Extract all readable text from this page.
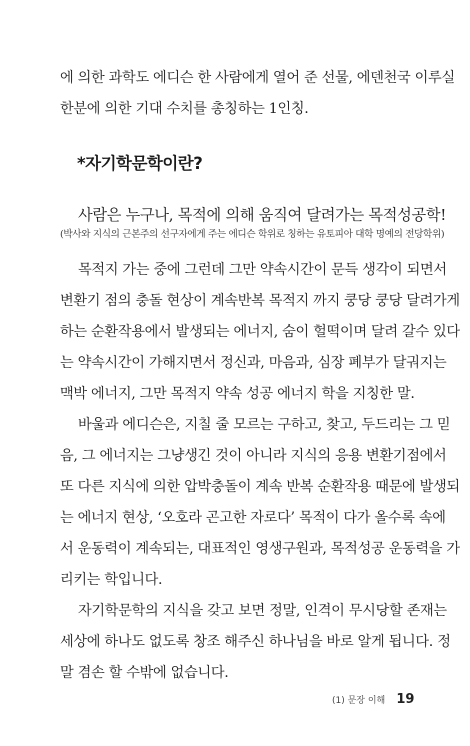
에 의한 과학도 에디슨 한 사람에게 열어 준 선물, 에덴천국 이루실
한분에 의한 기대 수치를 총칭하는 1인칭.
*자기학문학이란?
사람은 누구나, 목적에 의해 움직여 달려가는 목적성공학!
(박사와 지식의 근본주의 선구자에게 주는 에디슨 학위로 칭하는 유토피아 대학 명예의 전당학위)
목적지 가는 중에 그런데 그만 약속시간이 문득 생각이 되면서
변환기 점의 충돌 현상이 계속반복 목적지 까지 쿵당 쿵당 달려가게
하는 순환작용에서 발생되는 에너지, 숨이 헐떡이며 달려 갈수 있다
는 약속시간이 가해지면서 정신과, 마음과, 심장 폐부가 달궈지는
맥박 에너지, 그만 목적지 약속 성공 에너지 학을 지칭한 말.
바울과 에디슨은, 지칠 줄 모르는 구하고, 찾고, 두드리는 그 믿
음, 그 에너지는 그냥생긴 것이 아니라 지식의 응용 변환기점에서
또 다른 지식에 의한 압박충돌이 계속 반복 순환작용 때문에 발생되
는 에너지 현상, ‘오호라 곤고한 자로다’ 목적이 다가 올수록 속에
서 운동력이 계속되는, 대표적인 영생구원과, 목적성공 운동력을 가
리키는 학입니다.
자기학문학의 지식을 갖고 보면 정말, 인격이 무시당할 존재는
세상에 하나도 없도록 창조 해주신 하나님을 바로 알게 됩니다. 정
말 겸손 할 수밖에 없습니다.
(1) 문장 이해 19
